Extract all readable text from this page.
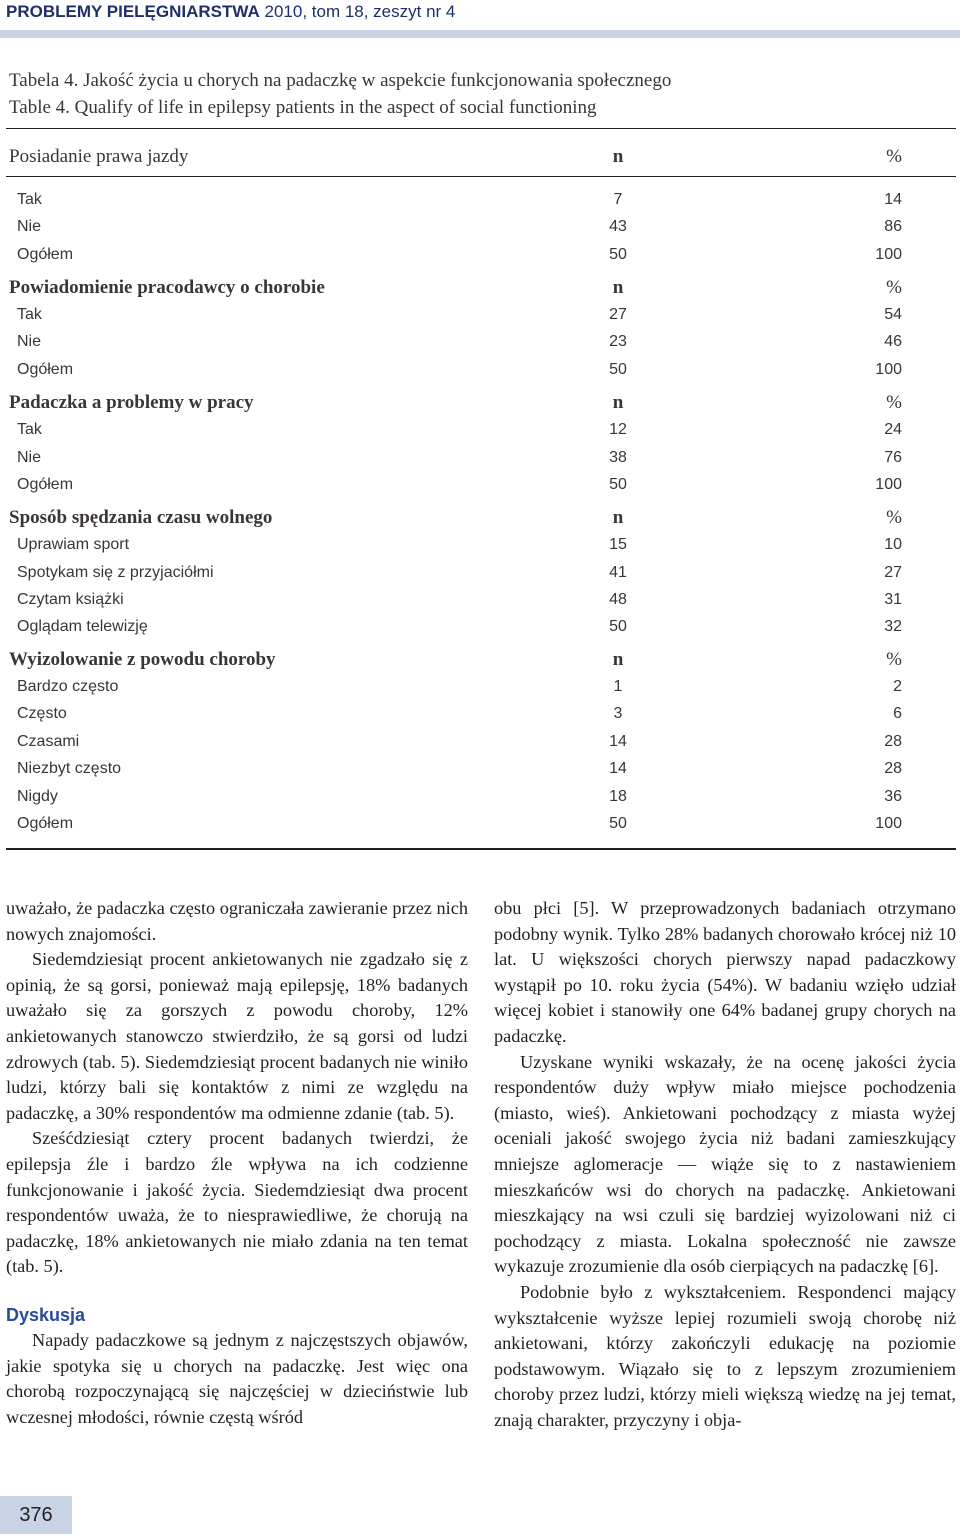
PROBLEMY PIELĘGNIARSTWA 2010, tom 18, zeszyt nr 4
Tabela 4. Jakość życia u chorych na padaczkę w aspekcie funkcjonowania społecznego
Table 4. Qualify of life in epilepsy patients in the aspect of social functioning
Posiadanie prawa jazdy	n	%
Tak	7	14
Nie	43	86
Ogółem	50	100
Powiadomienie pracodawcy o chorobie	n	%
Tak	27	54
Nie	23	46
Ogółem	50	100
Padaczka a problemy w pracy	n	%
Tak	12	24
Nie	38	76
Ogółem	50	100
Sposób spędzania czasu wolnego	n	%
Uprawiam sport	15	10
Spotykam się z przyjaciółmi	41	27
Czytam książki	48	31
Oglądam telewizję	50	32
Wyizolowanie z powodu choroby	n	%
Bardzo często	1	2
Często	3	6
Czasami	14	28
Niezbyt często	14	28
Nigdy	18	36
Ogółem	50	100

uważało, że padaczka często ograniczała zawieranie przez nich nowych znajomości.

Siedemdziesiąt procent ankietowanych nie zgadzało się z opinią, że są gorsi, ponieważ mają epilepsję, 18% badanych uważało się za gorszych z powodu choroby, 12% ankietowanych stanowczo stwierdziło, że są gorsi od ludzi zdrowych (tab. 5). Siedemdziesiąt procent badanych nie winiło ludzi, którzy bali się kontaktów z nimi ze względu na padaczkę, a 30% respondentów ma odmienne zdanie (tab. 5).

Sześćdziesiąt cztery procent badanych twierdzi, że epilepsja źle i bardzo źle wpływa na ich codzienne funkcjonowanie i jakość życia. Siedemdziesiąt dwa procent respondentów uważa, że to niesprawiedliwe, że chorują na padaczkę, 18% ankietowanych nie miało zdania na ten temat (tab. 5).

Dyskusja

Napady padaczkowe są jednym z najczęstszych objawów, jakie spotyka się u chorych na padaczkę. Jest więc ona chorobą rozpoczynającą się najczęściej w dzieciństwie lub wczesnej młodości, równie częstą wśród

obu płci [5]. W przeprowadzonych badaniach otrzymano podobny wynik. Tylko 28% badanych chorowało krócej niż 10 lat. U większości chorych pierwszy napad padaczkowy wystąpił po 10. roku życia (54%). W badaniu wzięło udział więcej kobiet i stanowiły one 64% badanej grupy chorych na padaczkę.

Uzyskane wyniki wskazały, że na ocenę jakości życia respondentów duży wpływ miało miejsce pochodzenia (miasto, wieś). Ankietowani pochodzący z miasta wyżej oceniali jakość swojego życia niż badani zamieszkujący mniejsze aglomeracje — wiąże się to z nastawieniem mieszkańców wsi do chorych na padaczkę. Ankietowani mieszkający na wsi czuli się bardziej wyizolowani niż ci pochodzący z miasta. Lokalna społeczność nie zawsze wykazuje zrozumienie dla osób cierpiących na padaczkę [6].

Podobnie było z wykształceniem. Respondenci mający wykształcenie wyższe lepiej rozumieli swoją chorobę niż ankietowani, którzy zakończyli edukację na poziomie podstawowym. Wiązało się to z lepszym zrozumieniem choroby przez ludzi, którzy mieli większą wiedzę na jej temat, znają charakter, przyczyny i obja-

376
